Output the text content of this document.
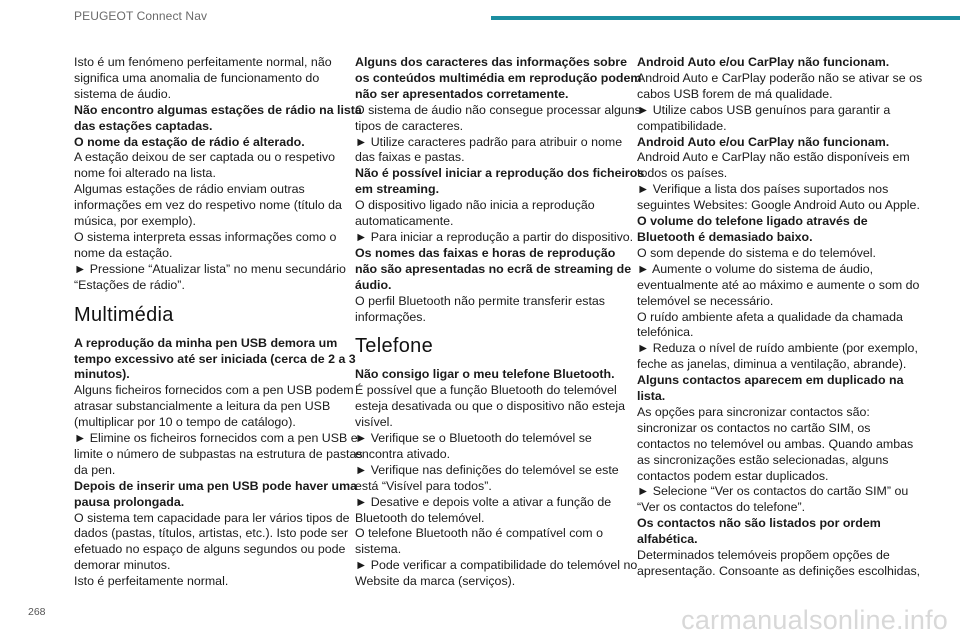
PEUGEOT Connect Nav
Isto é um fenómeno perfeitamente normal, não
significa uma anomalia de funcionamento do
sistema de áudio.
Não encontro algumas estações de rádio na lista
das estações captadas.
O nome da estação de rádio é alterado.
A estação deixou de ser captada ou o respetivo
nome foi alterado na lista.
Algumas estações de rádio enviam outras
informações em vez do respetivo nome (título da
música, por exemplo).
O sistema interpreta essas informações como o
nome da estação.
► Pressione “Atualizar lista” no menu secundário
“Estações de rádio”.
Multimédia
A reprodução da minha pen USB demora um
tempo excessivo até ser iniciada (cerca de 2 a 3
minutos).
Alguns ficheiros fornecidos com a pen USB podem
atrasar substancialmente a leitura da pen USB
(multiplicar por 10 o tempo de catálogo).
► Elimine os ficheiros fornecidos com a pen USB e
limite o número de subpastas na estrutura de pastas
da pen.
Depois de inserir uma pen USB pode haver uma
pausa prolongada.
O sistema tem capacidade para ler vários tipos de
dados (pastas, títulos, artistas, etc.). Isto pode ser
efetuado no espaço de alguns segundos ou pode
demorar minutos.
Isto é perfeitamente normal.
Alguns dos caracteres das informações sobre
os conteúdos multimédia em reprodução podem
não ser apresentados corretamente.
O sistema de áudio não consegue processar alguns
tipos de caracteres.
► Utilize caracteres padrão para atribuir o nome
das faixas e pastas.
Não é possível iniciar a reprodução dos ficheiros
em streaming.
O dispositivo ligado não inicia a reprodução
automaticamente.
► Para iniciar a reprodução a partir do dispositivo.
Os nomes das faixas e horas de reprodução
não são apresentadas no ecrã de streaming de
áudio.
O perfil Bluetooth não permite transferir estas
informações.
Telefone
Não consigo ligar o meu telefone Bluetooth.
É possível que a função Bluetooth do telemóvel
esteja desativada ou que o dispositivo não esteja
visível.
► Verifique se o Bluetooth do telemóvel se
encontra ativado.
► Verifique nas definições do telemóvel se este
está “Visível para todos”.
► Desative e depois volte a ativar a função de
Bluetooth do telemóvel.
O telefone Bluetooth não é compatível com o
sistema.
► Pode verificar a compatibilidade do telemóvel no
Website da marca (serviços).
Android Auto e/ou CarPlay não funcionam.
Android Auto e CarPlay poderão não se ativar se os
cabos USB forem de má qualidade.
► Utilize cabos USB genuínos para garantir a
compatibilidade.
Android Auto e/ou CarPlay não funcionam.
Android Auto e CarPlay não estão disponíveis em
todos os países.
► Verifique a lista dos países suportados nos
seguintes Websites: Google Android Auto ou Apple.
O volume do telefone ligado através de
Bluetooth é demasiado baixo.
O som depende do sistema e do telemóvel.
► Aumente o volume do sistema de áudio,
eventualmente até ao máximo e aumente o som do
telemóvel se necessário.
O ruído ambiente afeta a qualidade da chamada
telefónica.
► Reduza o nível de ruído ambiente (por exemplo,
feche as janelas, diminua a ventilação, abrande).
Alguns contactos aparecem em duplicado na
lista.
As opções para sincronizar contactos são:
sincronizar os contactos no cartão SIM, os
contactos no telemóvel ou ambas. Quando ambas
as sincronizações estão selecionadas, alguns
contactos podem estar duplicados.
► Selecione “Ver os contactos do cartão SIM” ou
“Ver os contactos do telefone”.
Os contactos não são listados por ordem
alfabética.
Determinados telemóveis propõem opções de
apresentação. Consoante as definições escolhidas,
268	carmanualsonline.info
